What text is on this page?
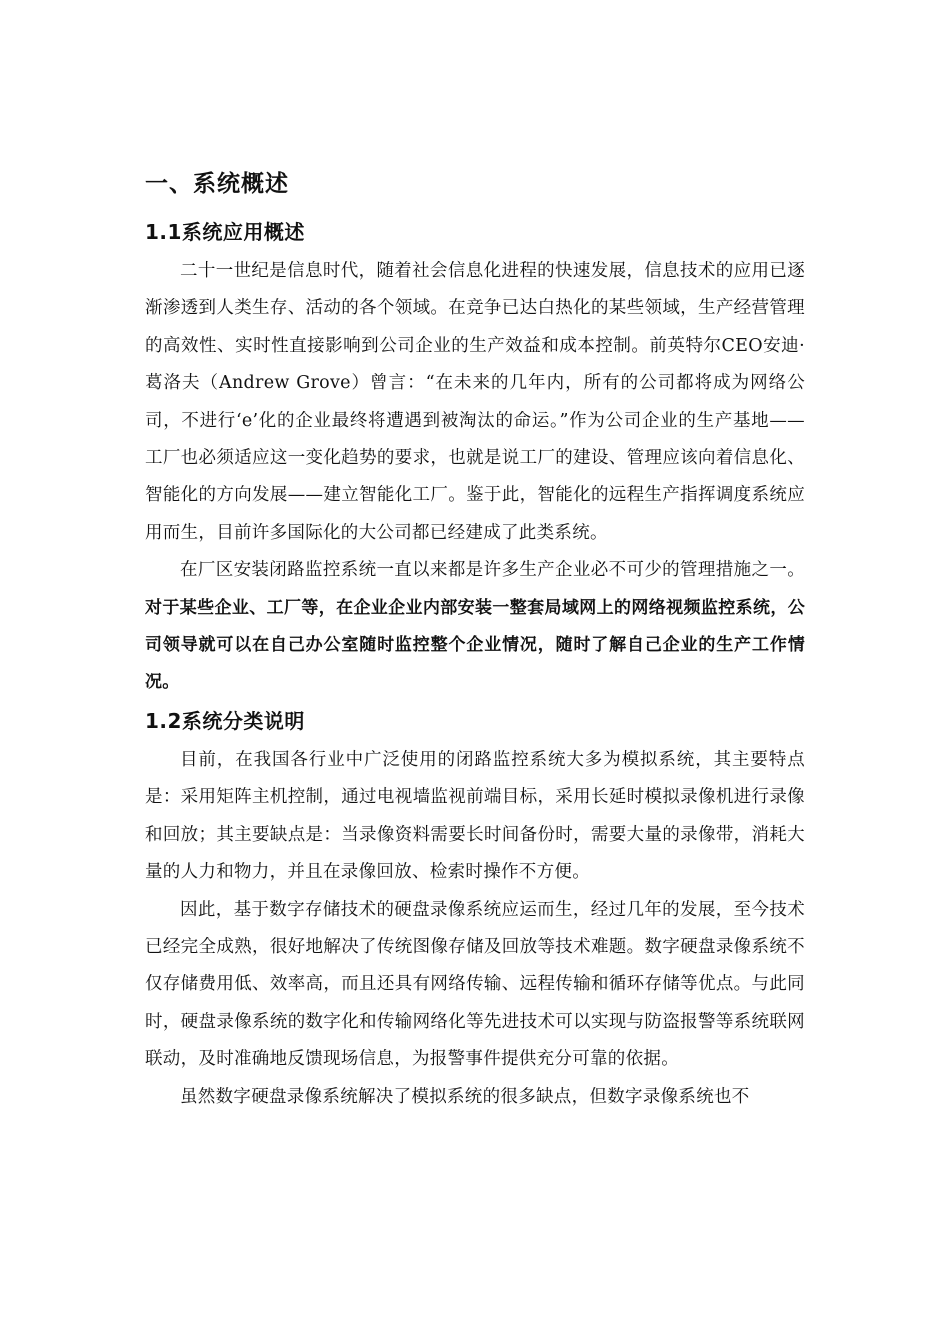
一、系统概述
1.1系统应用概述

二十一世纪是信息时代，随着社会信息化进程的快速发展，信息技术的应用已逐渐渗透到人类生存、活动的各个领域。在竞争已达白热化的某些领域，生产经营管理的高效性、实时性直接影响到公司企业的生产效益和成本控制。前英特尔CEO安迪·葛洛夫（Andrew Grove）曾言：“在未来的几年内，所有的公司都将成为网络公司，不进行‘e’化的企业最终将遭遇到被淘汰的命运。”作为公司企业的生产基地——工厂也必须适应这一变化趋势的要求，也就是说工厂的建设、管理应该向着信息化、智能化的方向发展——建立智能化工厂。鉴于此，智能化的远程生产指挥调度系统应用而生，目前许多国际化的大公司都已经建成了此类系统。

在厂区安装闭路监控系统一直以来都是许多生产企业必不可少的管理措施之一。对于某些企业、工厂等，在企业企业内部安装一整套局域网上的网络视频监控系统，公司领导就可以在自己办公室随时监控整个企业情况，随时了解自己企业的生产工作情况。

1.2系统分类说明

目前，在我国各行业中广泛使用的闭路监控系统大多为模拟系统，其主要特点是：采用矩阵主机控制，通过电视墙监视前端目标，采用长延时模拟录像机进行录像和回放；其主要缺点是：当录像资料需要长时间备份时，需要大量的录像带，消耗大量的人力和物力，并且在录像回放、检索时操作不方便。

因此，基于数字存储技术的硬盘录像系统应运而生，经过几年的发展，至今技术已经完全成熟，很好地解决了传统图像存储及回放等技术难题。数字硬盘录像系统不仅存储费用低、效率高，而且还具有网络传输、远程传输和循环存储等优点。与此同时，硬盘录像系统的数字化和传输网络化等先进技术可以实现与防盗报警等系统联网联动，及时准确地反馈现场信息，为报警事件提供充分可靠的依据。

虽然数字硬盘录像系统解决了模拟系统的很多缺点，但数字录像系统也不
